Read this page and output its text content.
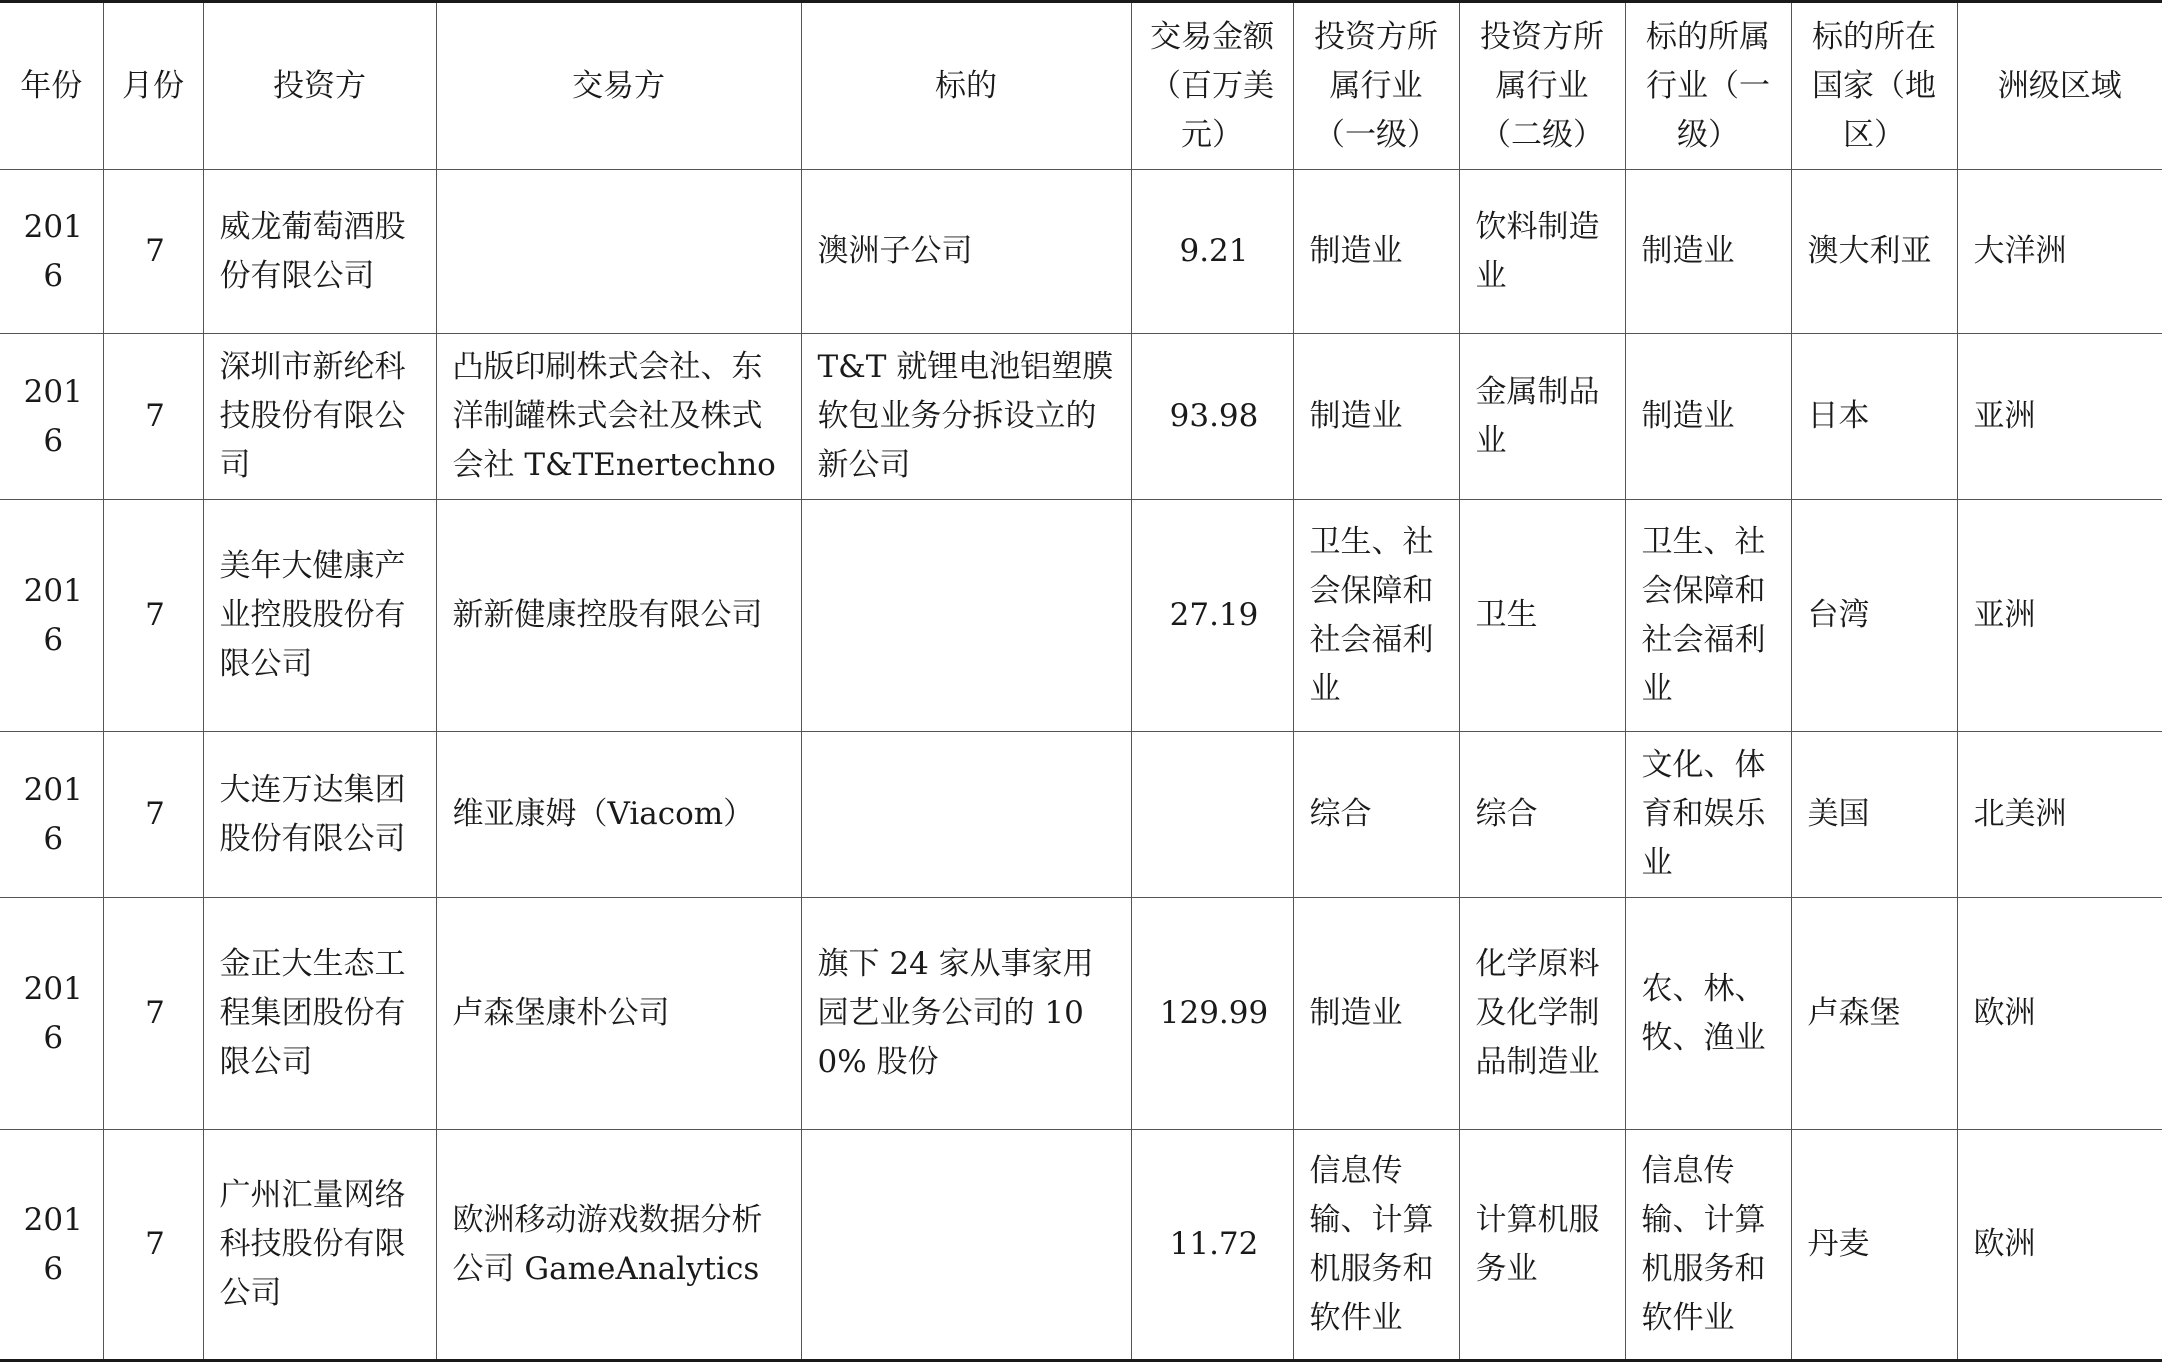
年份	月份	投资方	交易方	标的	交易金额（百万美元）	投资方所属行业（一级）	投资方所属行业（二级）	标的所属行业（一级）	标的所在国家（地区）	洲级区域
2016	7	威龙葡萄酒股份有限公司		澳洲子公司	9.21	制造业	饮料制造业	制造业	澳大利亚	大洋洲
2016	7	深圳市新纶科技股份有限公司	凸版印刷株式会社、东洋制罐株式会社及株式会社 T&TEnertechno	T&T 就锂电池铝塑膜软包业务分拆设立的新公司	93.98	制造业	金属制品业	制造业	日本	亚洲
2016	7	美年大健康产业控股股份有限公司	新新健康控股有限公司		27.19	卫生、社会保障和社会福利业	卫生	卫生、社会保障和社会福利业	台湾	亚洲
2016	7	大连万达集团股份有限公司	维亚康姆（Viacom）			综合	综合	文化、体育和娱乐业	美国	北美洲
2016	7	金正大生态工程集团股份有限公司	卢森堡康朴公司	旗下 24 家从事家用园艺业务公司的 100% 股份	129.99	制造业	化学原料及化学制品制造业	农、林、牧、渔业	卢森堡	欧洲
2016	7	广州汇量网络科技股份有限公司	欧洲移动游戏数据分析公司 GameAnalytics		11.72	信息传输、计算机服务和软件业	计算机服务业	信息传输、计算机服务和软件业	丹麦	欧洲
